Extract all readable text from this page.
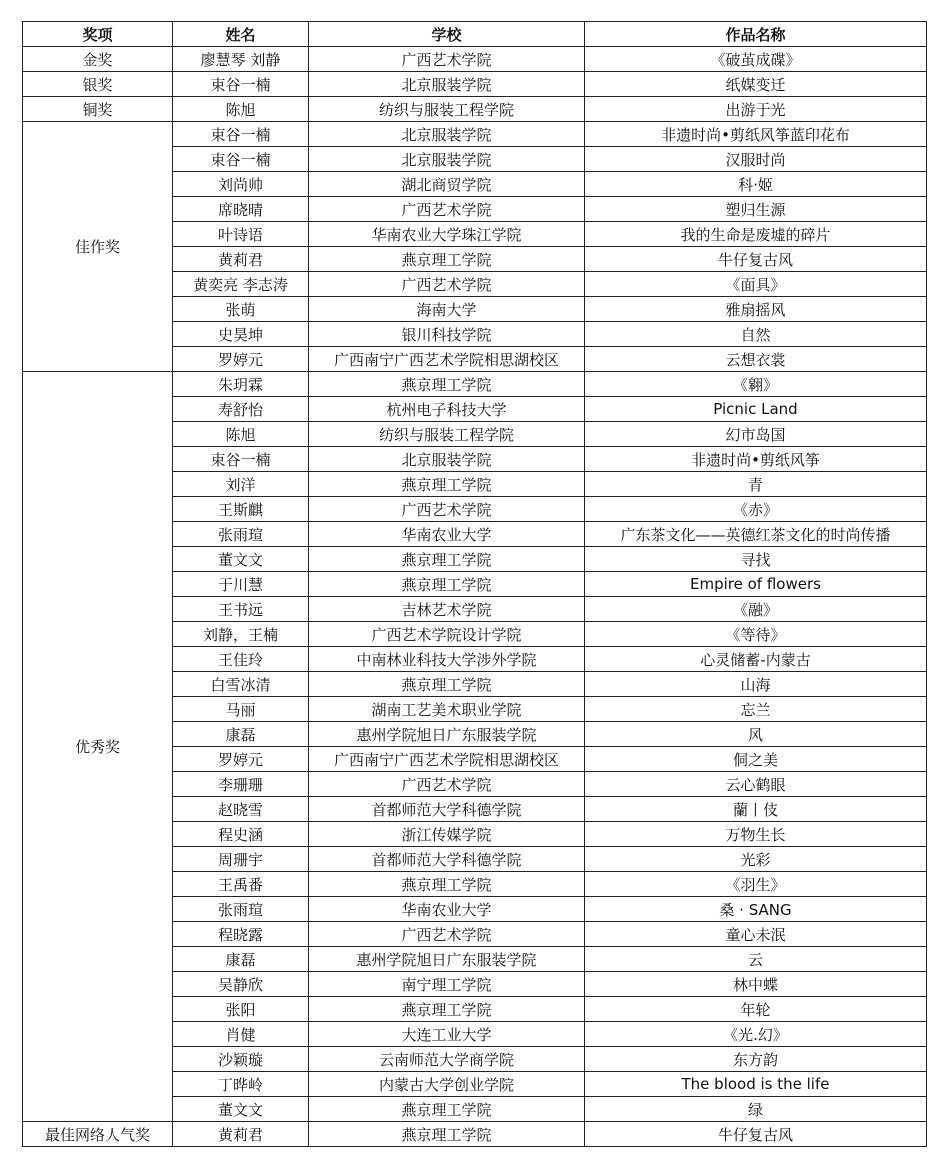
奖项	姓名	学校	作品名称
金奖	廖慧琴 刘静	广西艺术学院	《破茧成碟》
银奖	束谷一楠	北京服装学院	纸媒变迁
铜奖	陈旭	纺织与服装工程学院	出游于光
佳作奖	束谷一楠	北京服装学院	非遗时尚•剪纸风筝蓝印花布
	束谷一楠	北京服装学院	汉服时尚
	刘尚帅	湖北商贸学院	科·姬
	席晓晴	广西艺术学院	塑归生源
	叶诗语	华南农业大学珠江学院	我的生命是废墟的碎片
	黄莉君	燕京理工学院	牛仔复古风
	黄奕亮 李志涛	广西艺术学院	《面具》
	张萌	海南大学	雅扇摇风
	史昊坤	银川科技学院	自然
	罗婷元	广西南宁广西艺术学院相思湖校区	云想衣裳
优秀奖	朱玥霖	燕京理工学院	《翱》
	寿舒怡	杭州电子科技大学	Picnic Land
	陈旭	纺织与服装工程学院	幻市岛国
	束谷一楠	北京服装学院	非遗时尚•剪纸风筝
	刘洋	燕京理工学院	青
	王斯麒	广西艺术学院	《赤》
	张雨瑄	华南农业大学	广东茶文化——英德红茶文化的时尚传播
	董文文	燕京理工学院	寻找
	于川慧	燕京理工学院	Empire of flowers
	王书远	吉林艺术学院	《融》
	刘静，王楠	广西艺术学院设计学院	《等待》
	王佳玲	中南林业科技大学涉外学院	心灵储蓄-内蒙古
	白雪冰清	燕京理工学院	山海
	马丽	湖南工艺美术职业学院	忘兰
	康磊	惠州学院旭日广东服装学院	风
	罗婷元	广西南宁广西艺术学院相思湖校区	侗之美
	李珊珊	广西艺术学院	云心鹤眼
	赵晓雪	首都师范大学科德学院	蘭丨伎
	程史涵	浙江传媒学院	万物生长
	周珊宇	首都师范大学科德学院	光彩
	王禹番	燕京理工学院	《羽生》
	张雨瑄	华南农业大学	桑 · SANG
	程晓露	广西艺术学院	童心未泯
	康磊	惠州学院旭日广东服装学院	云
	吴静欣	南宁理工学院	林中蝶
	张阳	燕京理工学院	年轮
	肖健	大连工业大学	《光.幻》
	沙颖璇	云南师范大学商学院	东方韵
	丁晔岭	内蒙古大学创业学院	The blood is the life
	董文文	燕京理工学院	绿
最佳网络人气奖	黄莉君	燕京理工学院	牛仔复古风
